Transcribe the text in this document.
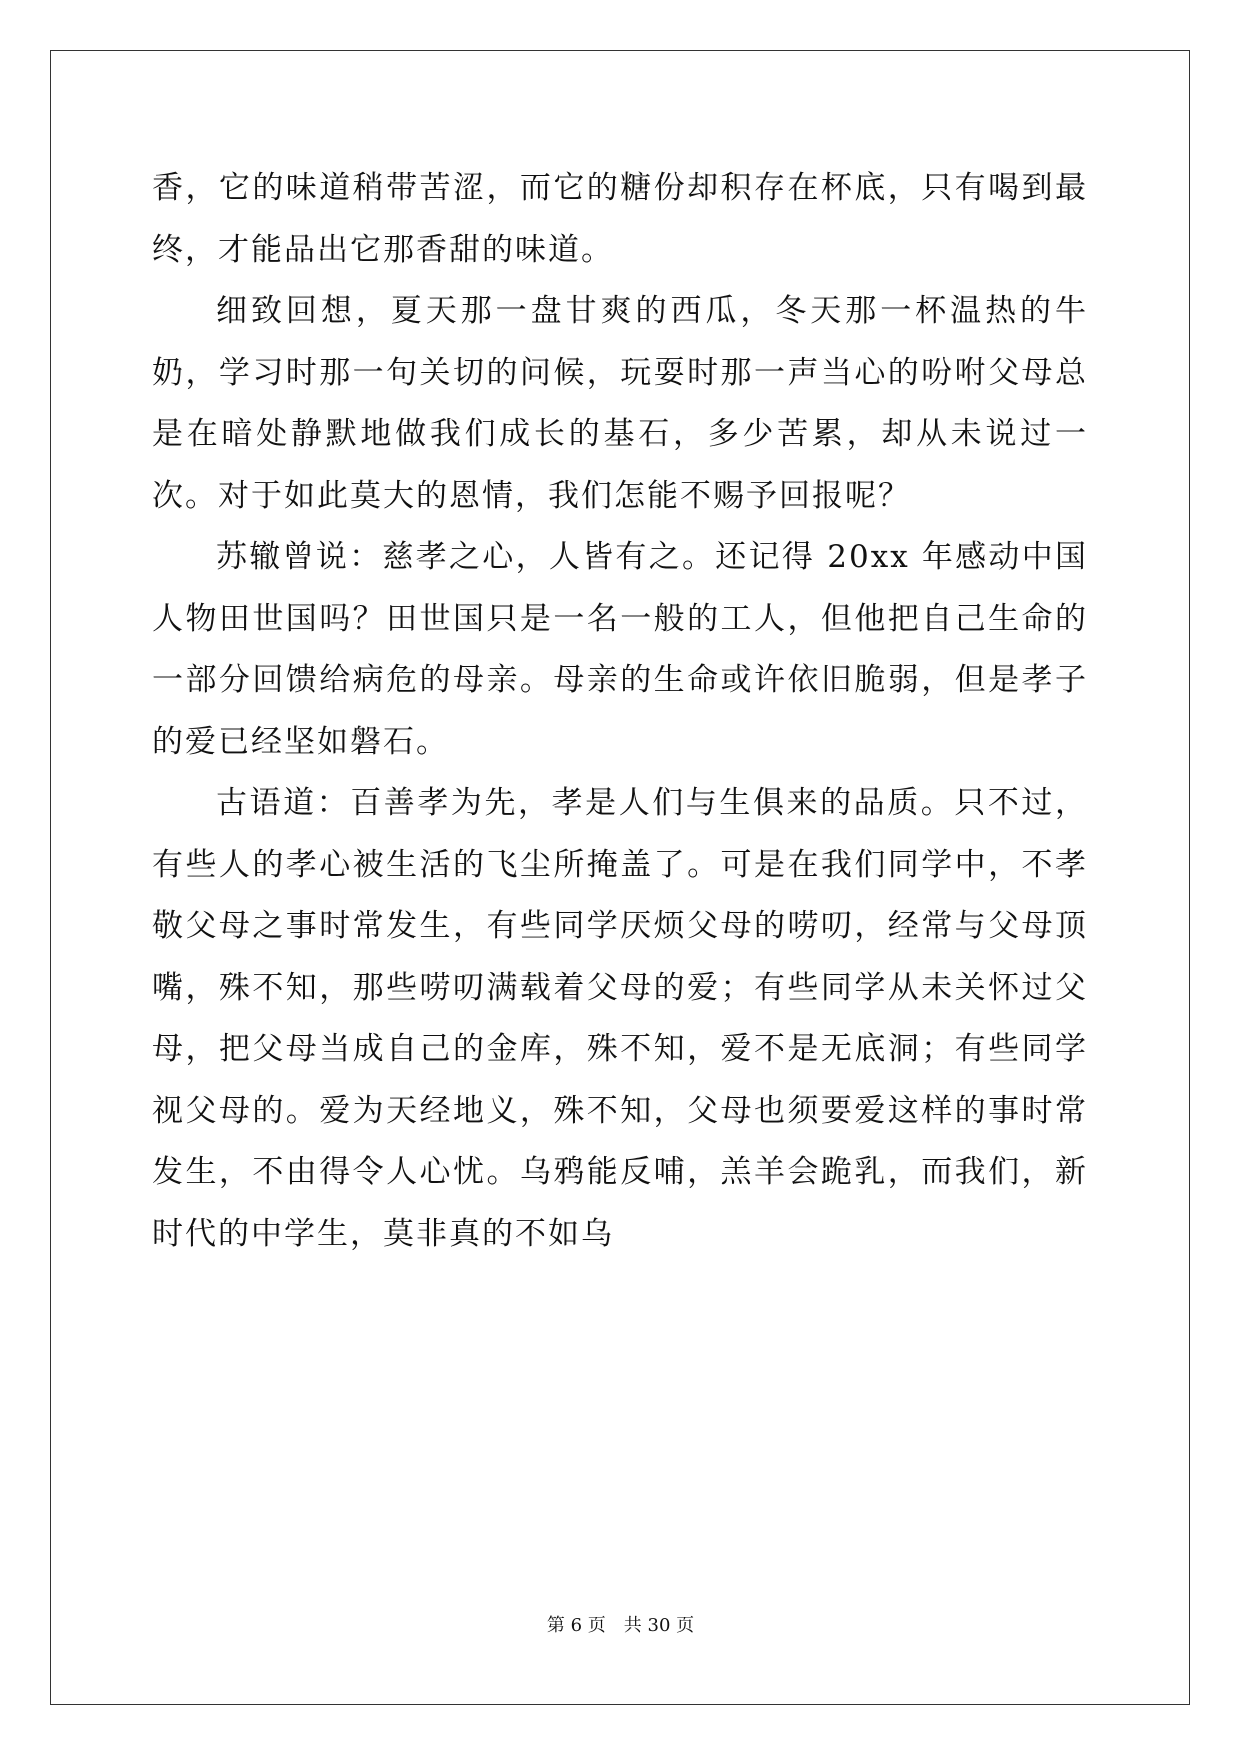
香，它的味道稍带苦涩，而它的糖份却积存在杯底，只有喝到最终，才能品出它那香甜的味道。

细致回想，夏天那一盘甘爽的西瓜，冬天那一杯温热的牛奶，学习时那一句关切的问候，玩耍时那一声当心的吩咐父母总是在暗处静默地做我们成长的基石，多少苦累，却从未说过一次。对于如此莫大的恩情，我们怎能不赐予回报呢？

苏辙曾说：慈孝之心，人皆有之。还记得 20xx 年感动中国人物田世国吗？田世国只是一名一般的工人，但他把自己生命的一部分回馈给病危的母亲。母亲的生命或许依旧脆弱，但是孝子的爱已经坚如磐石。

古语道：百善孝为先，孝是人们与生俱来的品质。只不过，有些人的孝心被生活的飞尘所掩盖了。可是在我们同学中，不孝敬父母之事时常发生，有些同学厌烦父母的唠叨，经常与父母顶嘴，殊不知，那些唠叨满载着父母的爱；有些同学从未关怀过父母，把父母当成自己的金库，殊不知，爱不是无底洞；有些同学视父母的。爱为天经地义，殊不知，父母也须要爱这样的事时常发生，不由得令人心忧。乌鸦能反哺，羔羊会跪乳，而我们，新时代的中学生，莫非真的不如乌

第 6 页　共 30 页
